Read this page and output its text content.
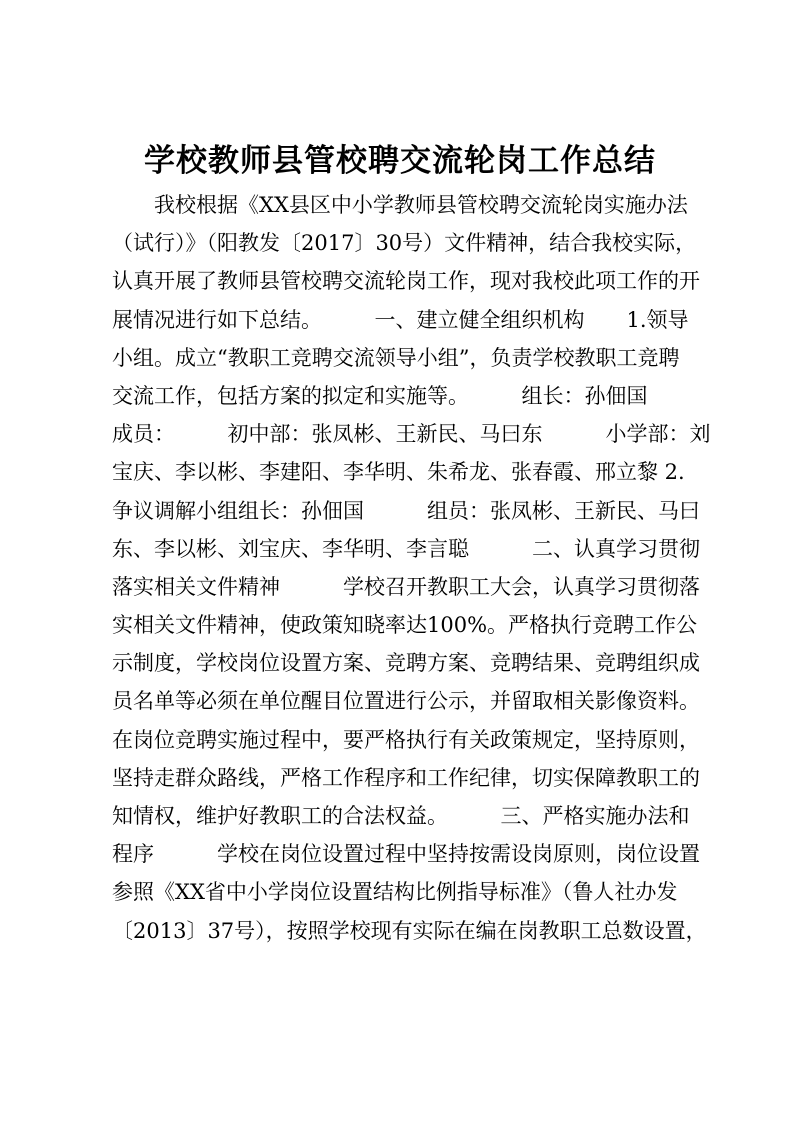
学校教师县管校聘交流轮岗工作总结
　　我校根据《XX县区中小学教师县管校聘交流轮岗实施办法
（试行）》（阳教发〔2017〕30号）文件精神，结合我校实际，
认真开展了教师县管校聘交流轮岗工作，现对我校此项工作的开
展情况进行如下总结。　　　一、建立健全组织机构　　1.领导
小组。成立“教职工竞聘交流领导小组”，负责学校教职工竞聘
交流工作，包括方案的拟定和实施等。　　　组长：孙佃国　　
成员：　　　初中部：张凤彬、王新民、马曰东　　　小学部：刘
宝庆、李以彬、李建阳、李华明、朱希龙、张春霞、邢立黎 2.
争议调解小组组长：孙佃国　　　组员：张凤彬、王新民、马曰
东、李以彬、刘宝庆、李华明、李言聪　　　二、认真学习贯彻
落实相关文件精神　　　学校召开教职工大会，认真学习贯彻落
实相关文件精神，使政策知晓率达100%。严格执行竞聘工作公
示制度，学校岗位设置方案、竞聘方案、竞聘结果、竞聘组织成
员名单等必须在单位醒目位置进行公示，并留取相关影像资料。
在岗位竞聘实施过程中，要严格执行有关政策规定，坚持原则，
坚持走群众路线，严格工作程序和工作纪律，切实保障教职工的
知情权，维护好教职工的合法权益。　　　三、严格实施办法和
程序　　　学校在岗位设置过程中坚持按需设岗原则，岗位设置
参照《XX省中小学岗位设置结构比例指导标准》（鲁人社办发
〔2013〕37号），按照学校现有实际在编在岗教职工总数设置，
